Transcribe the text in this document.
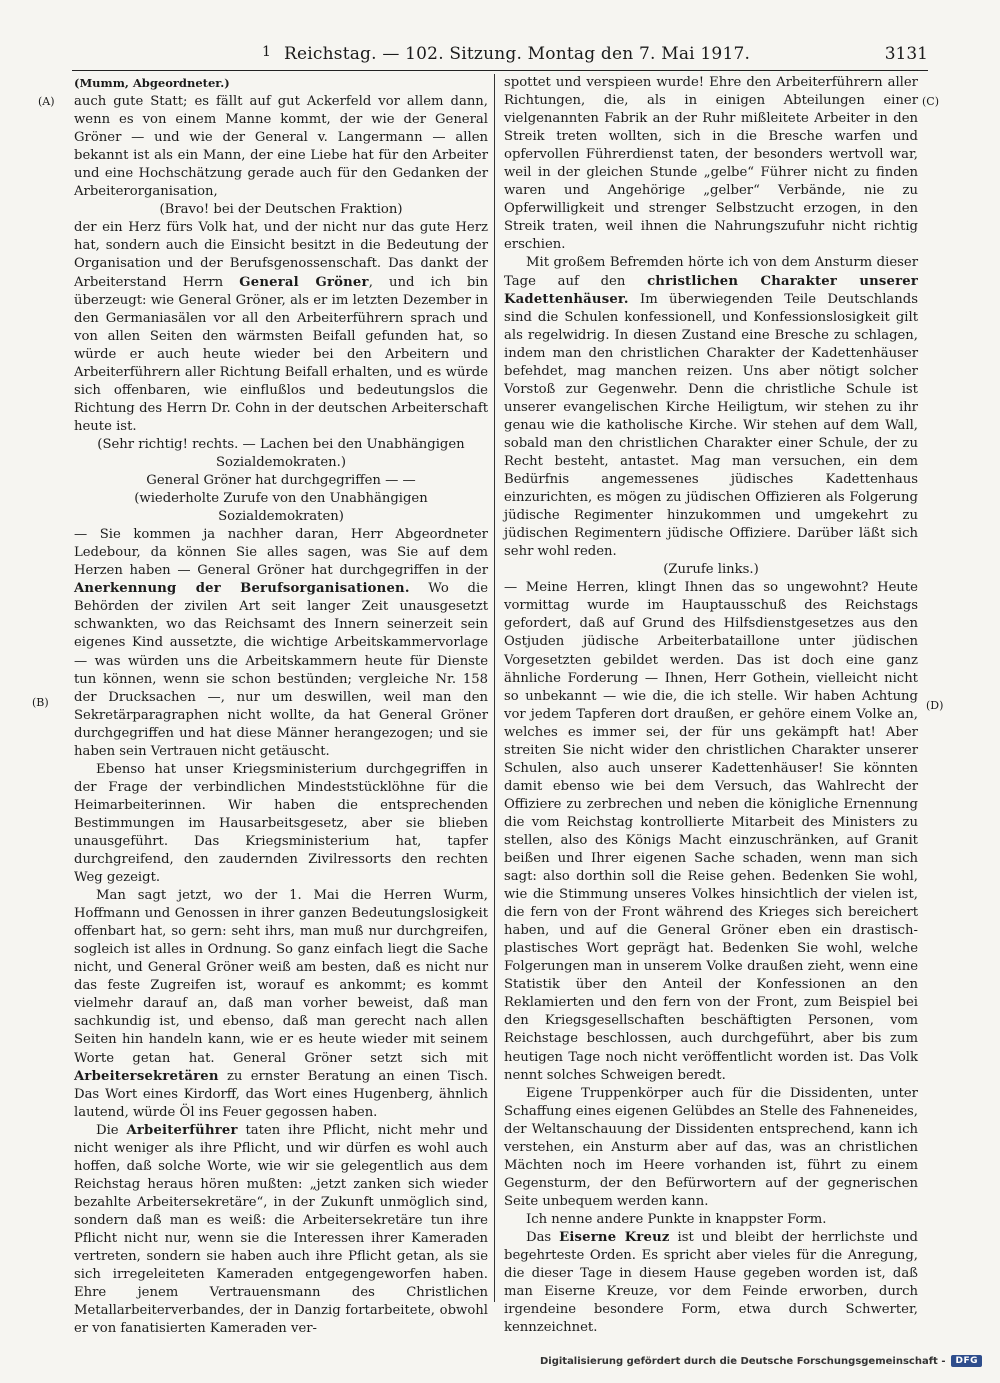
1 Reichstag. — 102. Sitzung. Montag den 7. Mai 1917.	3131
(A)
(B)
(C)
(D)

(Mumm, Abgeordneter.)

auch gute Statt; es fällt auf gut Ackerfeld vor allem dann, wenn es von einem Manne kommt, der wie der General Gröner — und wie der General v. Langermann — allen bekannt ist als ein Mann, der eine Liebe hat für den Arbeiter und eine Hochschätzung gerade auch für den Gedanken der Arbeiterorganisation,

(Bravo! bei der Deutschen Fraktion)

der ein Herz fürs Volk hat, und der nicht nur das gute Herz hat, sondern auch die Einsicht besitzt in die Bedeutung der Organisation und der Berufsgenossenschaft. Das dankt der Arbeiterstand Herrn General Gröner, und ich bin überzeugt: wie General Gröner, als er im letzten Dezember in den Germaniasälen vor all den Arbeiterführern sprach und von allen Seiten den wärmsten Beifall gefunden hat, so würde er auch heute wieder bei den Arbeitern und Arbeiterführern aller Richtung Beifall erhalten, und es würde sich offenbaren, wie einflußlos und bedeutungslos die Richtung des Herrn Dr. Cohn in der deutschen Arbeiterschaft heute ist.

(Sehr richtig! rechts. — Lachen bei den Unabhängigen Sozialdemokraten.)

General Gröner hat durchgegriffen — —

(wiederholte Zurufe von den Unabhängigen Sozialdemokraten)

— Sie kommen ja nachher daran, Herr Abgeordneter Ledebour, da können Sie alles sagen, was Sie auf dem Herzen haben — General Gröner hat durchgegriffen in der Anerkennung der Berufsorganisationen. Wo die Behörden der zivilen Art seit langer Zeit unausgesetzt schwankten, wo das Reichsamt des Innern seinerzeit sein eigenes Kind aussetzte, die wichtige Arbeitskammervorlage — was würden uns die Arbeitskammern heute für Dienste tun können, wenn sie schon bestünden; vergleiche Nr. 158 der Drucksachen —, nur um deswillen, weil man den Sekretärparagraphen nicht wollte, da hat General Gröner durchgegriffen und hat diese Männer herangezogen; und sie haben sein Vertrauen nicht getäuscht.

Ebenso hat unser Kriegsministerium durchgegriffen in der Frage der verbindlichen Mindeststücklöhne für die Heimarbeiterinnen. Wir haben die entsprechenden Bestimmungen im Hausarbeitsgesetz, aber sie blieben unausgeführt. Das Kriegsministerium hat, tapfer durchgreifend, den zaudernden Zivilressorts den rechten Weg gezeigt.

Man sagt jetzt, wo der 1. Mai die Herren Wurm, Hoffmann und Genossen in ihrer ganzen Bedeutungslosigkeit offenbart hat, so gern: seht ihrs, man muß nur durchgreifen, sogleich ist alles in Ordnung. So ganz einfach liegt die Sache nicht, und General Gröner weiß am besten, daß es nicht nur das feste Zugreifen ist, worauf es ankommt; es kommt vielmehr darauf an, daß man vorher beweist, daß man sachkundig ist, und ebenso, daß man gerecht nach allen Seiten hin handeln kann, wie er es heute wieder mit seinem Worte getan hat. General Gröner setzt sich mit Arbeitersekretären zu ernster Beratung an einen Tisch. Das Wort eines Kirdorff, das Wort eines Hugenberg, ähnlich lautend, würde Öl ins Feuer gegossen haben.

Die Arbeiterführer taten ihre Pflicht, nicht mehr und nicht weniger als ihre Pflicht, und wir dürfen es wohl auch hoffen, daß solche Worte, wie wir sie gelegentlich aus dem Reichstag heraus hören mußten: „jetzt zanken sich wieder bezahlte Arbeitersekretäre“, in der Zukunft unmöglich sind, sondern daß man es weiß: die Arbeitersekretäre tun ihre Pflicht nicht nur, wenn sie die Interessen ihrer Kameraden vertreten, sondern sie haben auch ihre Pflicht getan, als sie sich irregeleiteten Kameraden entgegengeworfen haben. Ehre jenem Vertrauensmann des Christlichen Metallarbeiterverbandes, der in Danzig fortarbeitete, obwohl er von fanatisierten Kameraden ver-

spottet und verspieen wurde! Ehre den Arbeiterführern aller Richtungen, die, als in einigen Abteilungen einer vielgenannten Fabrik an der Ruhr mißleitete Arbeiter in den Streik treten wollten, sich in die Bresche warfen und opfervollen Führerdienst taten, der besonders wertvoll war, weil in der gleichen Stunde „gelbe“ Führer nicht zu finden waren und Angehörige „gelber“ Verbände, nie zu Opferwilligkeit und strenger Selbstzucht erzogen, in den Streik traten, weil ihnen die Nahrungszufuhr nicht richtig erschien.

Mit großem Befremden hörte ich von dem Ansturm dieser Tage auf den christlichen Charakter unserer Kadettenhäuser. Im überwiegenden Teile Deutschlands sind die Schulen konfessionell, und Konfessionslosigkeit gilt als regelwidrig. In diesen Zustand eine Bresche zu schlagen, indem man den christlichen Charakter der Kadettenhäuser befehdet, mag manchen reizen. Uns aber nötigt solcher Vorstoß zur Gegenwehr. Denn die christliche Schule ist unserer evangelischen Kirche Heiligtum, wir stehen zu ihr genau wie die katholische Kirche. Wir stehen auf dem Wall, sobald man den christlichen Charakter einer Schule, der zu Recht besteht, antastet. Mag man versuchen, ein dem Bedürfnis angemessenes jüdisches Kadettenhaus einzurichten, es mögen zu jüdischen Offizieren als Folgerung jüdische Regimenter hinzukommen und umgekehrt zu jüdischen Regimentern jüdische Offiziere. Darüber läßt sich sehr wohl reden.

(Zurufe links.)

— Meine Herren, klingt Ihnen das so ungewohnt? Heute vormittag wurde im Hauptausschuß des Reichstags gefordert, daß auf Grund des Hilfsdienstgesetzes aus den Ostjuden jüdische Arbeiterbataillone unter jüdischen Vorgesetzten gebildet werden. Das ist doch eine ganz ähnliche Forderung — Ihnen, Herr Gothein, vielleicht nicht so unbekannt — wie die, die ich stelle. Wir haben Achtung vor jedem Tapferen dort draußen, er gehöre einem Volke an, welches es immer sei, der für uns gekämpft hat! Aber streiten Sie nicht wider den christlichen Charakter unserer Schulen, also auch unserer Kadettenhäuser! Sie könnten damit ebenso wie bei dem Versuch, das Wahlrecht der Offiziere zu zerbrechen und neben die königliche Ernennung die vom Reichstag kontrollierte Mitarbeit des Ministers zu stellen, also des Königs Macht einzuschränken, auf Granit beißen und Ihrer eigenen Sache schaden, wenn man sich sagt: also dorthin soll die Reise gehen. Bedenken Sie wohl, wie die Stimmung unseres Volkes hinsichtlich der vielen ist, die fern von der Front während des Krieges sich bereichert haben, und auf die General Gröner eben ein drastisch-plastisches Wort geprägt hat. Bedenken Sie wohl, welche Folgerungen man in unserem Volke draußen zieht, wenn eine Statistik über den Anteil der Konfessionen an den Reklamierten und den fern von der Front, zum Beispiel bei den Kriegsgesellschaften beschäftigten Personen, vom Reichstage beschlossen, auch durchgeführt, aber bis zum heutigen Tage noch nicht veröffentlicht worden ist. Das Volk nennt solches Schweigen beredt.

Eigene Truppenkörper auch für die Dissidenten, unter Schaffung eines eigenen Gelübdes an Stelle des Fahneneides, der Weltanschauung der Dissidenten entsprechend, kann ich verstehen, ein Ansturm aber auf das, was an christlichen Mächten noch im Heere vorhanden ist, führt zu einem Gegensturm, der den Befürwortern auf der gegnerischen Seite unbequem werden kann.

Ich nenne andere Punkte in knappster Form.

Das Eiserne Kreuz ist und bleibt der herrlichste und begehrteste Orden. Es spricht aber vieles für die Anregung, die dieser Tage in diesem Hause gegeben worden ist, daß man Eiserne Kreuze, vor dem Feinde erworben, durch irgendeine besondere Form, etwa durch Schwerter, kennzeichnet.

Digitalisierung gefördert durch die Deutsche Forschungsgemeinschaft -	DFG
